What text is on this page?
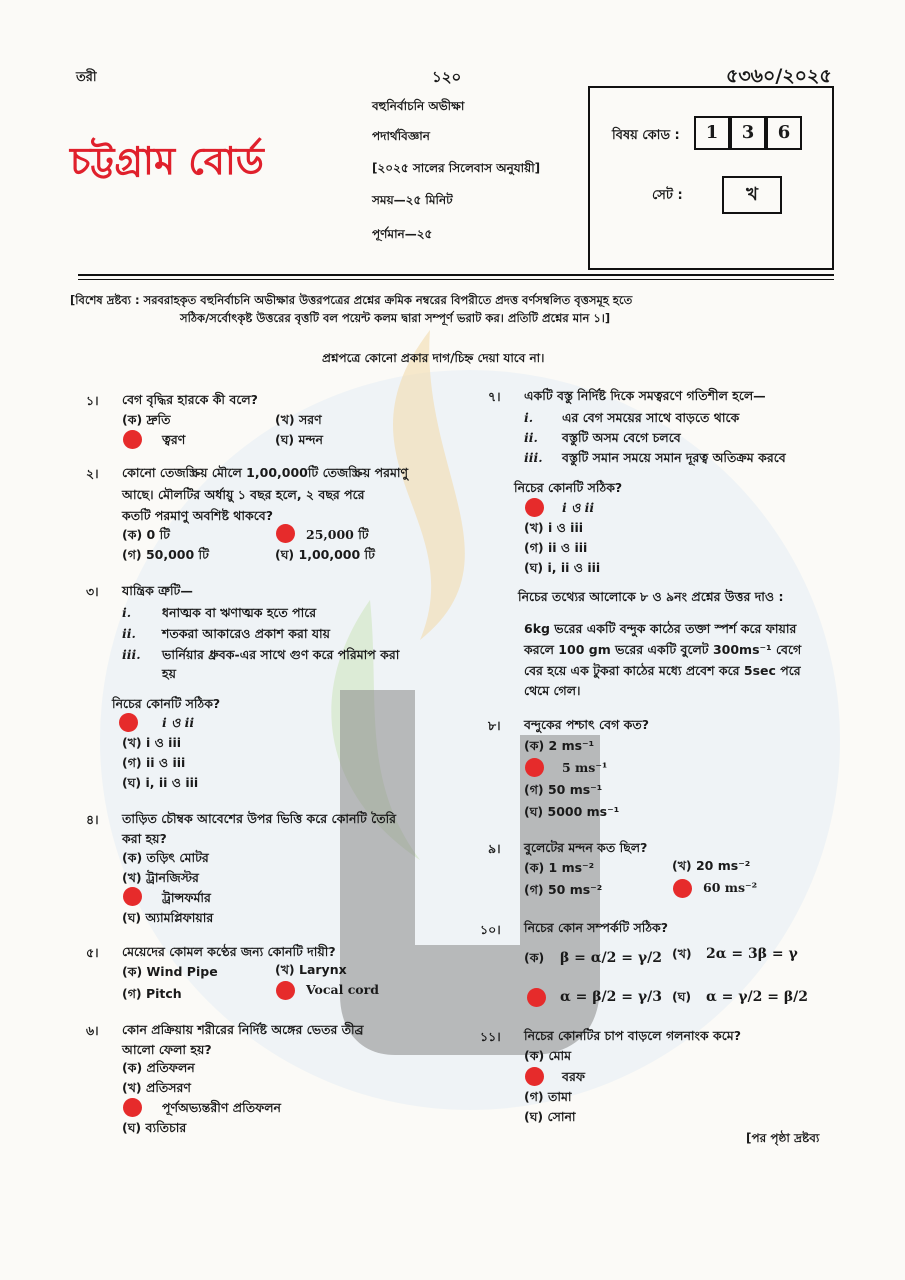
তরী	১২০	৫৩৬০/২০২৫
চট্টগ্রাম বোর্ড
বহুনির্বাচনি অভীক্ষা
পদার্থবিজ্ঞান
[২০২৫ সালের সিলেবাস অনুযায়ী]
সময়—২৫ মিনিট
পূর্ণমান—২৫
বিষয় কোড :	1	3	6
সেট :	খ
[বিশেষ দ্রষ্টব্য : সরবরাহকৃত বহুনির্বাচনি অভীক্ষার উত্তরপত্রের প্রশ্নের ক্রমিক নম্বরের বিপরীতে প্রদত্ত বর্ণসম্বলিত বৃত্তসমূহ হতে
সঠিক/সর্বোৎকৃষ্ট উত্তরের বৃত্তটি বল পয়েন্ট কলম দ্বারা সম্পূর্ণ ভরাট কর। প্রতিটি প্রশ্নের মান ১।]
প্রশ্নপত্রে কোনো প্রকার দাগ/চিহ্ন দেয়া যাবে না।
১। বেগ বৃদ্ধির হারকে কী বলে?
(ক) দ্রুতি	(খ) সরণ
ত্বরণ	(ঘ) মন্দন
২। কোনো তেজস্ক্রিয় মৌলে 1,00,000টি তেজস্ক্রিয় পরমাণু
আছে। মৌলটির অর্ধায়ু ১ বছর হলে, ২ বছর পরে
কতটি পরমাণু অবশিষ্ট থাকবে?
(ক) 0 টি	25,000 টি
(গ) 50,000 টি	(ঘ) 1,00,000 টি
৩। যান্ত্রিক ত্রুটি—
i. ধনাত্মক বা ঋণাত্মক হতে পারে
ii. শতকরা আকারেও প্রকাশ করা যায়
iii. ভার্নিয়ার ধ্রুবক-এর সাথে গুণ করে পরিমাপ করা
হয়
নিচের কোনটি সঠিক?
i ও ii
(খ) i ও iii
(গ) ii ও iii
(ঘ) i, ii ও iii
৪। তাড়িত চৌম্বক আবেশের উপর ভিত্তি করে কোনটি তৈরি
করা হয়?
(ক) তড়িৎ মোটর
(খ) ট্রানজিস্টর
ট্রান্সফর্মার
(ঘ) অ্যামপ্লিফায়ার
৫। মেয়েদের কোমল কণ্ঠের জন্য কোনটি দায়ী?
(ক) Wind Pipe	(খ) Larynx
(গ) Pitch	Vocal cord
৬। কোন প্রক্রিয়ায় শরীরের নির্দিষ্ট অঙ্গের ভেতর তীব্র
আলো ফেলা হয়?
(ক) প্রতিফলন
(খ) প্রতিসরণ
পূর্ণঅভ্যন্তরীণ প্রতিফলন
(ঘ) ব্যতিচার
৭। একটি বস্তু নির্দিষ্ট দিকে সমত্বরণে গতিশীল হলে—
i. এর বেগ সময়ের সাথে বাড়তে থাকে
ii. বস্তুটি অসম বেগে চলবে
iii. বস্তুটি সমান সময়ে সমান দূরত্ব অতিক্রম করবে
নিচের কোনটি সঠিক?
i ও ii
(খ) i ও iii
(গ) ii ও iii
(ঘ) i, ii ও iii
নিচের তথ্যের আলোকে ৮ ও ৯নং প্রশ্নের উত্তর দাও :
6kg ভরের একটি বন্দুক কাঠের তক্তা স্পর্শ করে ফায়ার
করলে 100 gm ভরের একটি বুলেট 300ms⁻¹ বেগে
বের হয়ে এক টুকরা কাঠের মধ্যে প্রবেশ করে 5sec পরে
থেমে গেল।
৮। বন্দুকের পশ্চাৎ বেগ কত?
(ক) 2 ms⁻¹
5 ms⁻¹
(গ) 50 ms⁻¹
(ঘ) 5000 ms⁻¹
৯। বুলেটের মন্দন কত ছিল?
(ক) 1 ms⁻²	(খ) 20 ms⁻²
(গ) 50 ms⁻²	60 ms⁻²
১০। নিচের কোন সম্পর্কটি সঠিক?
(ক) β = α/2 = γ/2 (খ) 2α = 3β = γ
α = β/2 = γ/3 (ঘ) α = γ/2 = β/2
১১। নিচের কোনটির চাপ বাড়লে গলনাংক কমে?
(ক) মোম
বরফ
(গ) তামা
(ঘ) সোনা
[পর পৃষ্ঠা দ্রষ্টব্য
